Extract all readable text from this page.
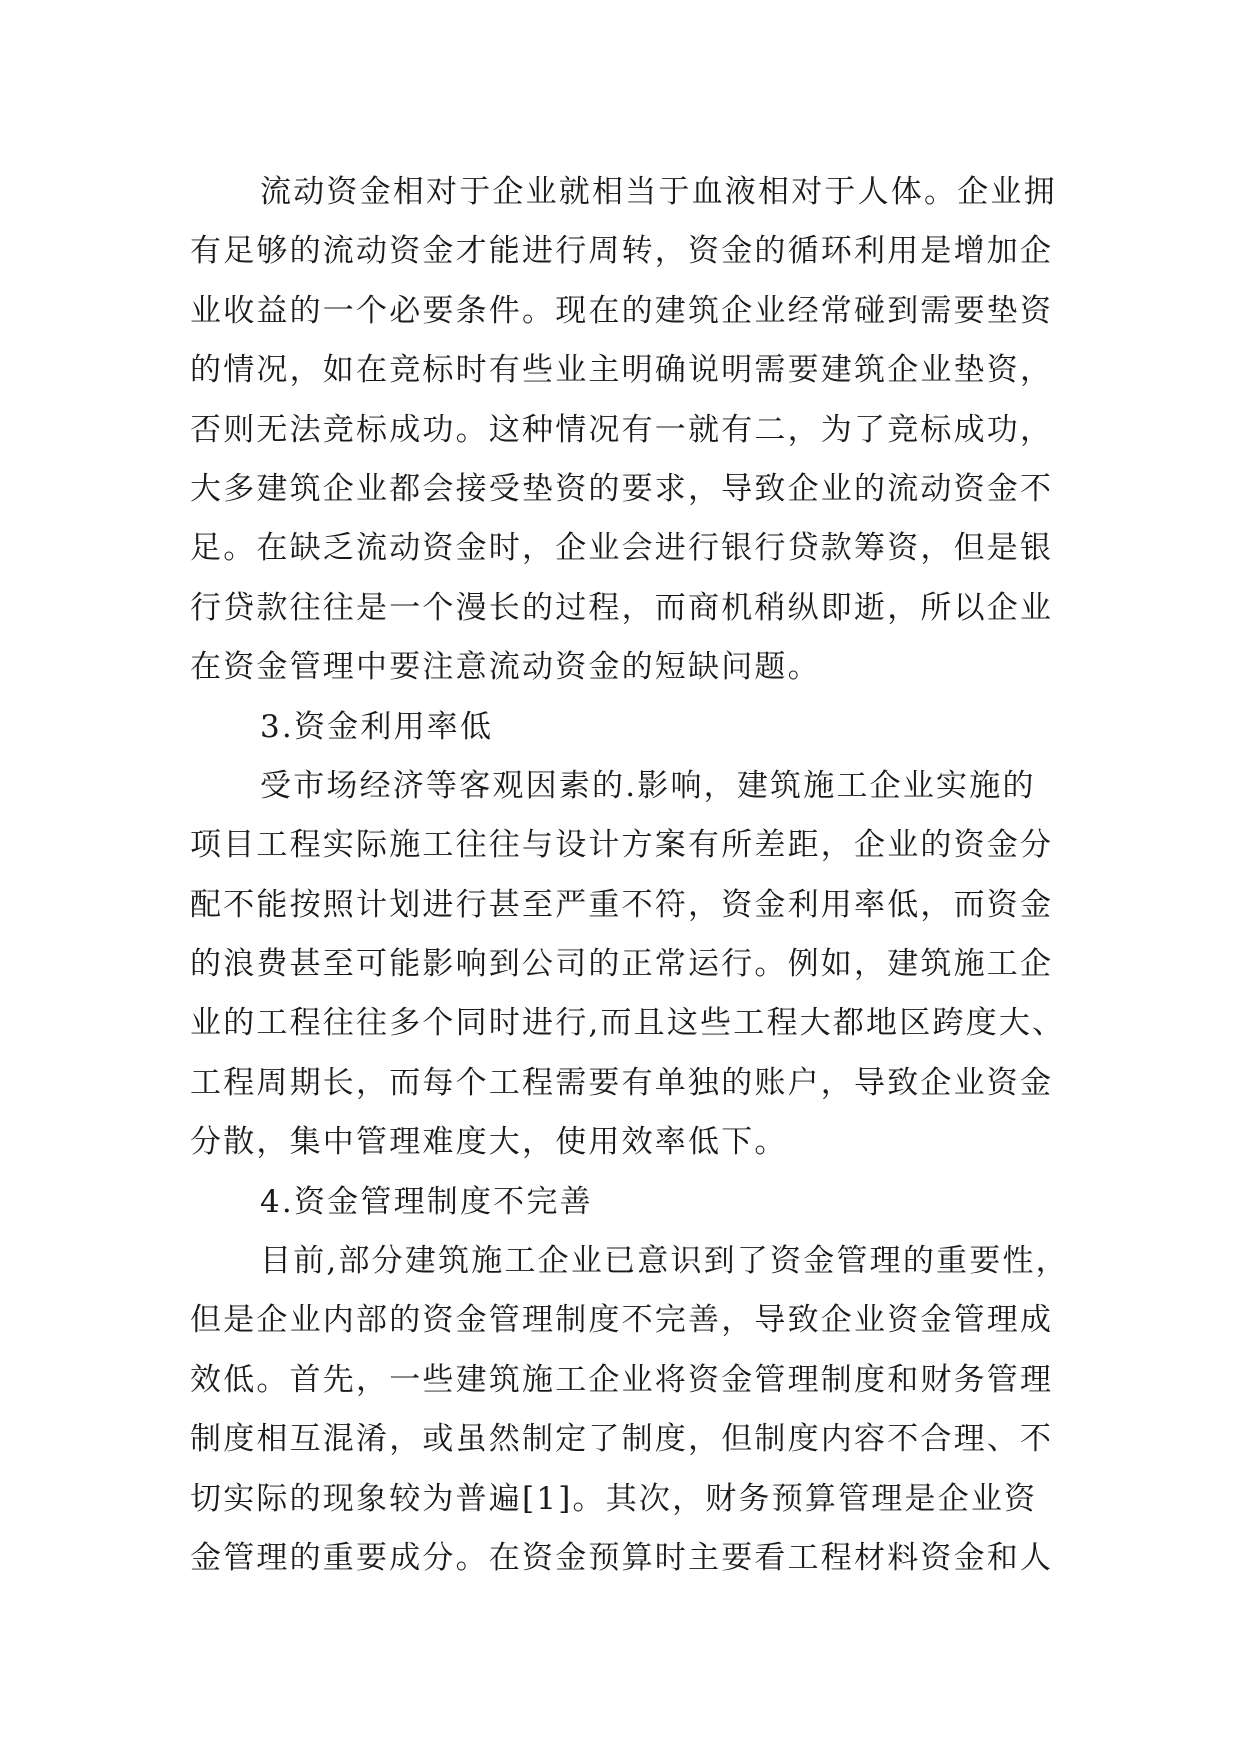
流动资金相对于企业就相当于血液相对于人体。企业拥
有足够的流动资金才能进行周转，资金的循环利用是增加企
业收益的一个必要条件。现在的建筑企业经常碰到需要垫资
的情况，如在竞标时有些业主明确说明需要建筑企业垫资，
否则无法竞标成功。这种情况有一就有二，为了竞标成功，
大多建筑企业都会接受垫资的要求，导致企业的流动资金不
足。在缺乏流动资金时，企业会进行银行贷款筹资，但是银
行贷款往往是一个漫长的过程，而商机稍纵即逝，所以企业
在资金管理中要注意流动资金的短缺问题。
3.资金利用率低
受市场经济等客观因素的.影响，建筑施工企业实施的
项目工程实际施工往往与设计方案有所差距，企业的资金分
配不能按照计划进行甚至严重不符，资金利用率低，而资金
的浪费甚至可能影响到公司的正常运行。例如，建筑施工企
业的工程往往多个同时进行,而且这些工程大都地区跨度大、
工程周期长，而每个工程需要有单独的账户，导致企业资金
分散，集中管理难度大，使用效率低下。
4.资金管理制度不完善
目前,部分建筑施工企业已意识到了资金管理的重要性，
但是企业内部的资金管理制度不完善，导致企业资金管理成
效低。首先，一些建筑施工企业将资金管理制度和财务管理
制度相互混淆，或虽然制定了制度，但制度内容不合理、不
切实际的现象较为普遍[1]。其次，财务预算管理是企业资
金管理的重要成分。在资金预算时主要看工程材料资金和人
